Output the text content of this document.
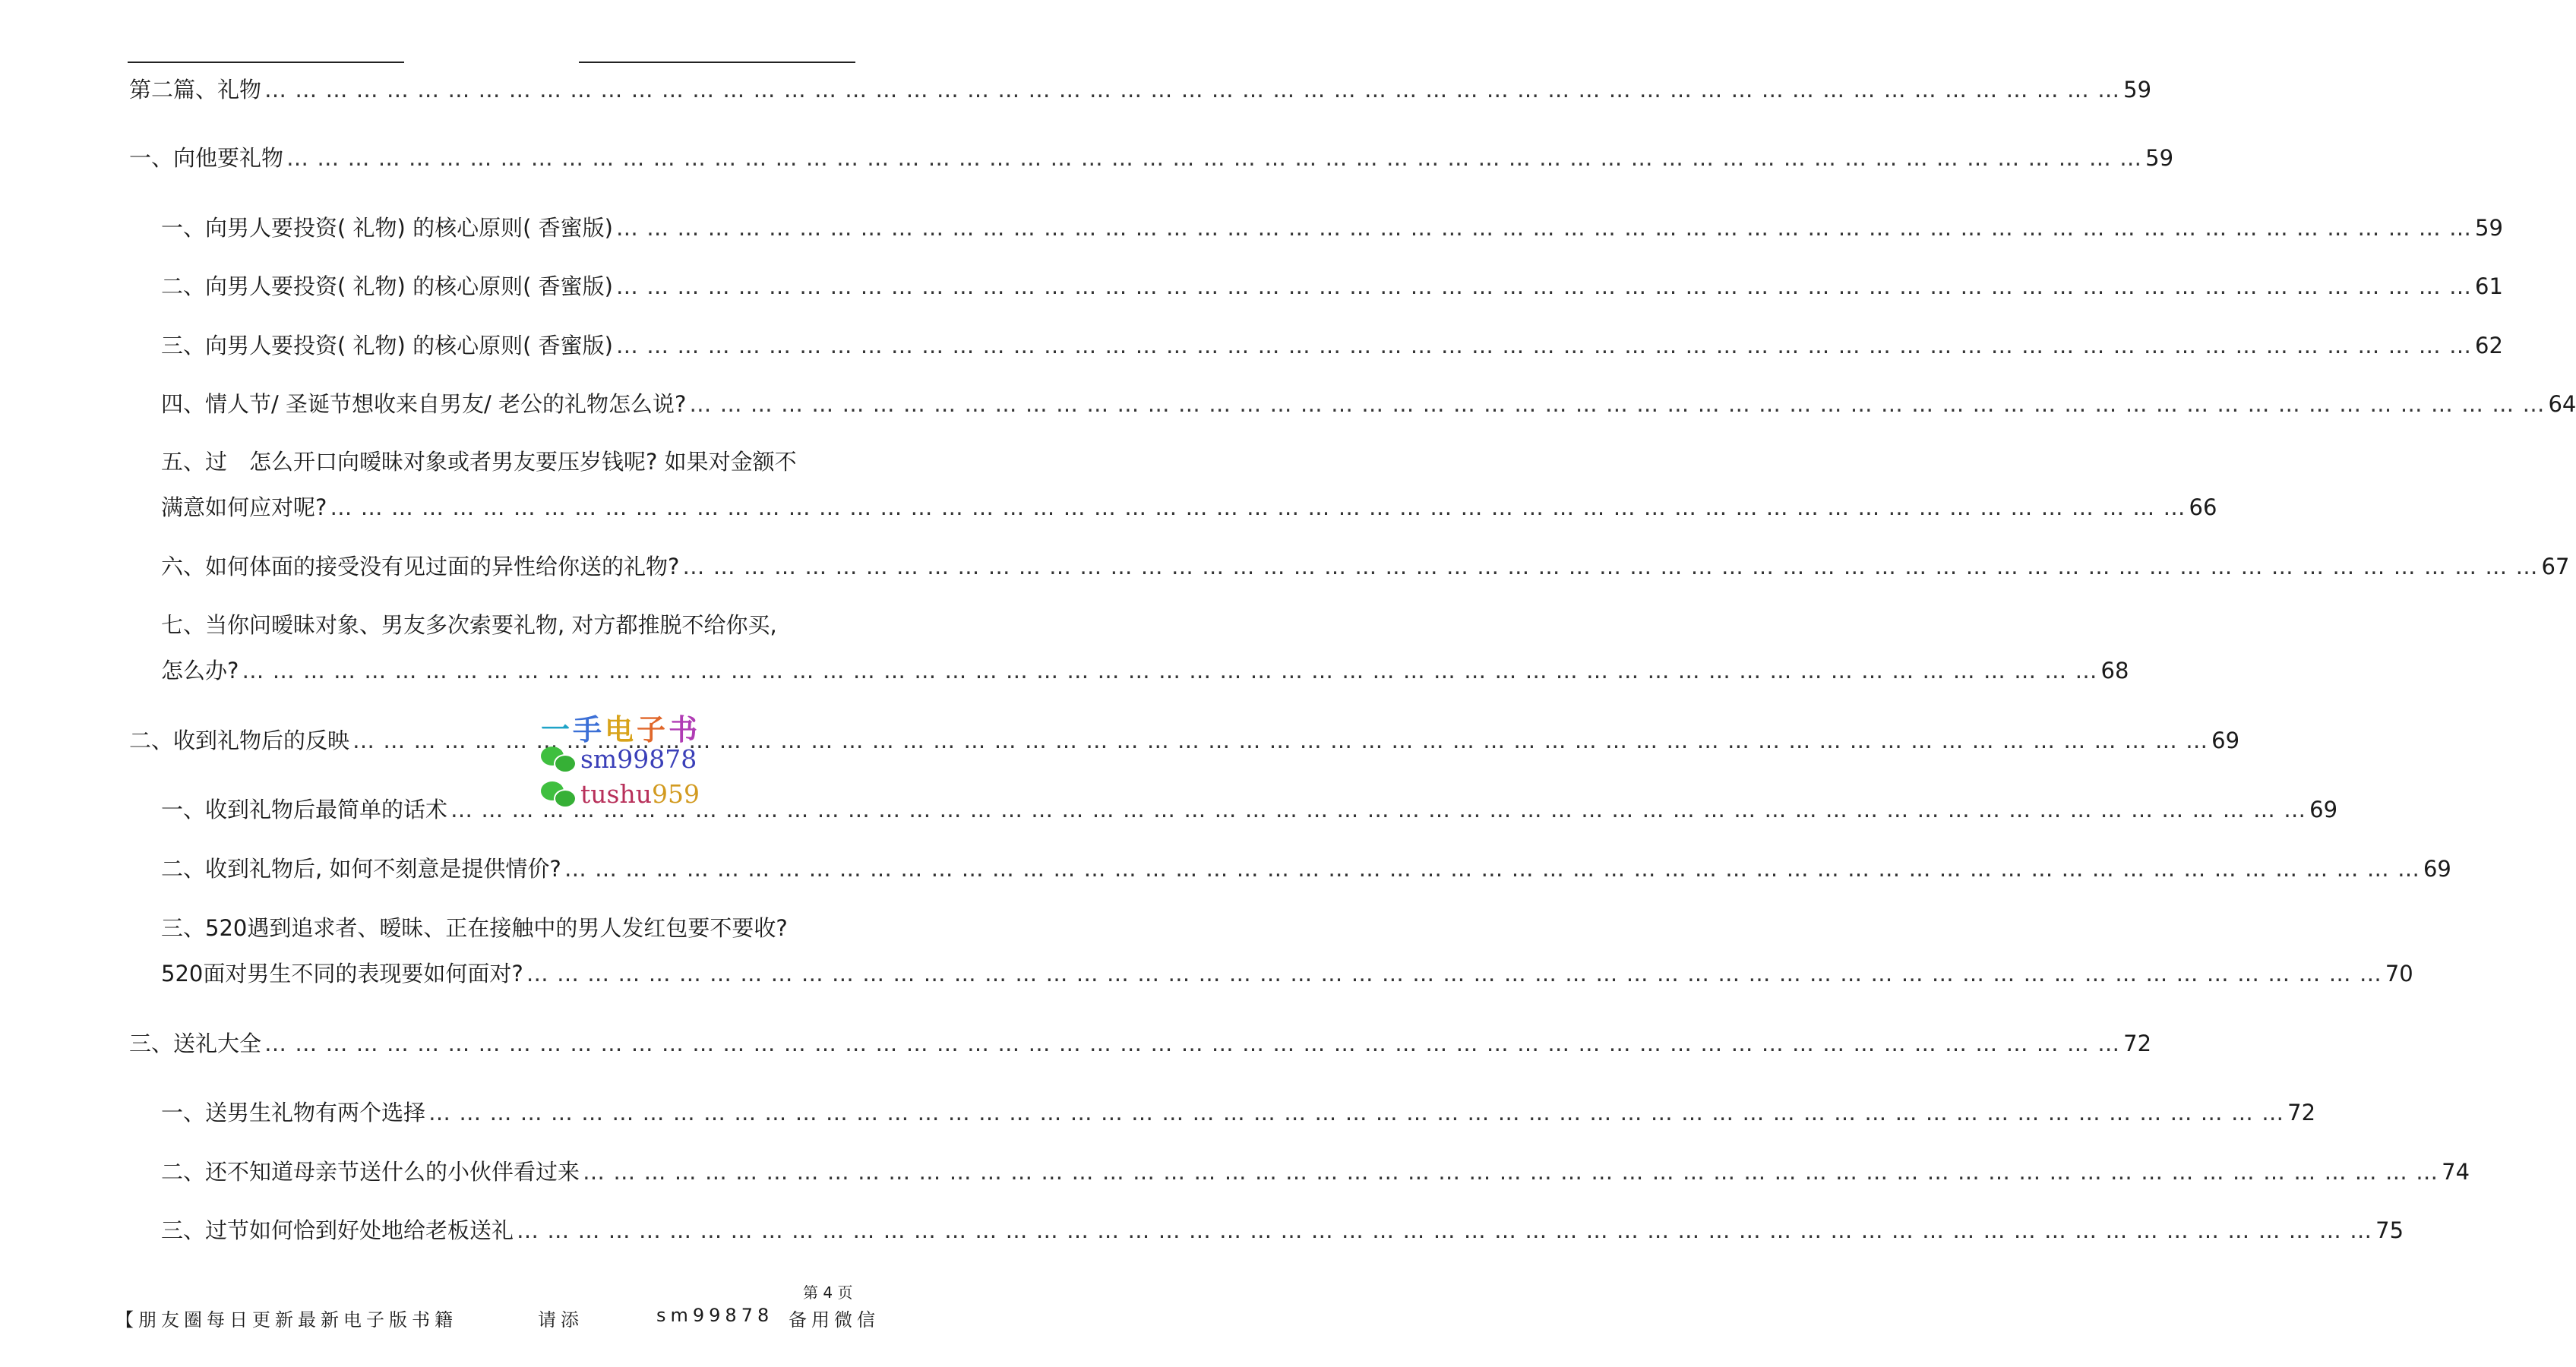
第二篇、礼物 … … … … … … … … … … … … … … … … … … … … … … … … … … … … … … … … … … … … … … … … … … … … … … … … … … … … … … … … … … … … …	59
一、向他要礼物 … … … … … … … … … … … … … … … … … … … … … … … … … … … … … … … … … … … … … … … … … … … … … … … … … … … … … … … … … … … … …	59
一、向男人要投资( 礼物) 的核心原则( 香蜜版) … … … … … … … … … … … … … … … … … … … … … … … … … … … … … … … … … … … … … … … … … … … … … … … … … … … … … … … … … … … … …	59
二、向男人要投资( 礼物) 的核心原则( 香蜜版) … … … … … … … … … … … … … … … … … … … … … … … … … … … … … … … … … … … … … … … … … … … … … … … … … … … … … … … … … … … … …	61
三、向男人要投资( 礼物) 的核心原则( 香蜜版) … … … … … … … … … … … … … … … … … … … … … … … … … … … … … … … … … … … … … … … … … … … … … … … … … … … … … … … … … … … … …	62
四、情人节/ 圣诞节想收来自男友/ 老公的礼物怎么说? … … … … … … … … … … … … … … … … … … … … … … … … … … … … … … … … … … … … … … … … … … … … … … … … … … … … … … … … … … … … …	64
五、过　怎么开口向暧昧对象或者男友要压岁钱呢? 如果对金额不
满意如何应对呢? … … … … … … … … … … … … … … … … … … … … … … … … … … … … … … … … … … … … … … … … … … … … … … … … … … … … … … … … … … … … …	66
六、如何体面的接受没有见过面的异性给你送的礼物? … … … … … … … … … … … … … … … … … … … … … … … … … … … … … … … … … … … … … … … … … … … … … … … … … … … … … … … … … … … … …	67
七、当你问暧昧对象、男友多次索要礼物, 对方都推脱不给你买,
怎么办? … … … … … … … … … … … … … … … … … … … … … … … … … … … … … … … … … … … … … … … … … … … … … … … … … … … … … … … … … … … … …	68
二、收到礼物后的反映 … … … … … … … … … … … … … … … … … … … … … … … … … … … … … … … … … … … … … … … … … … … … … … … … … … … … … … … … … … … … …	69
一、收到礼物后最简单的话术 … … … … … … … … … … … … … … … … … … … … … … … … … … … … … … … … … … … … … … … … … … … … … … … … … … … … … … … … … … … … …	69
二、收到礼物后, 如何不刻意是提供情价? … … … … … … … … … … … … … … … … … … … … … … … … … … … … … … … … … … … … … … … … … … … … … … … … … … … … … … … … … … … … …	69
三、520遇到追求者、暧昧、正在接触中的男人发红包要不要收?
520面对男生不同的表现要如何面对? … … … … … … … … … … … … … … … … … … … … … … … … … … … … … … … … … … … … … … … … … … … … … … … … … … … … … … … … … … … … …	70
三、送礼大全 … … … … … … … … … … … … … … … … … … … … … … … … … … … … … … … … … … … … … … … … … … … … … … … … … … … … … … … … … … … … …	72
一、送男生礼物有两个选择 … … … … … … … … … … … … … … … … … … … … … … … … … … … … … … … … … … … … … … … … … … … … … … … … … … … … … … … … … … … … …	72
二、还不知道母亲节送什么的小伙伴看过来 … … … … … … … … … … … … … … … … … … … … … … … … … … … … … … … … … … … … … … … … … … … … … … … … … … … … … … … … … … … … …	74
三、过节如何恰到好处地给老板送礼 … … … … … … … … … … … … … … … … … … … … … … … … … … … … … … … … … … … … … … … … … … … … … … … … … … … … … … … … … … … … …	75
一手电子书
sm99878
tushu959
第 4 页
【朋友圈每日更新最新电子版书籍	请添	sm99878 备用微信
